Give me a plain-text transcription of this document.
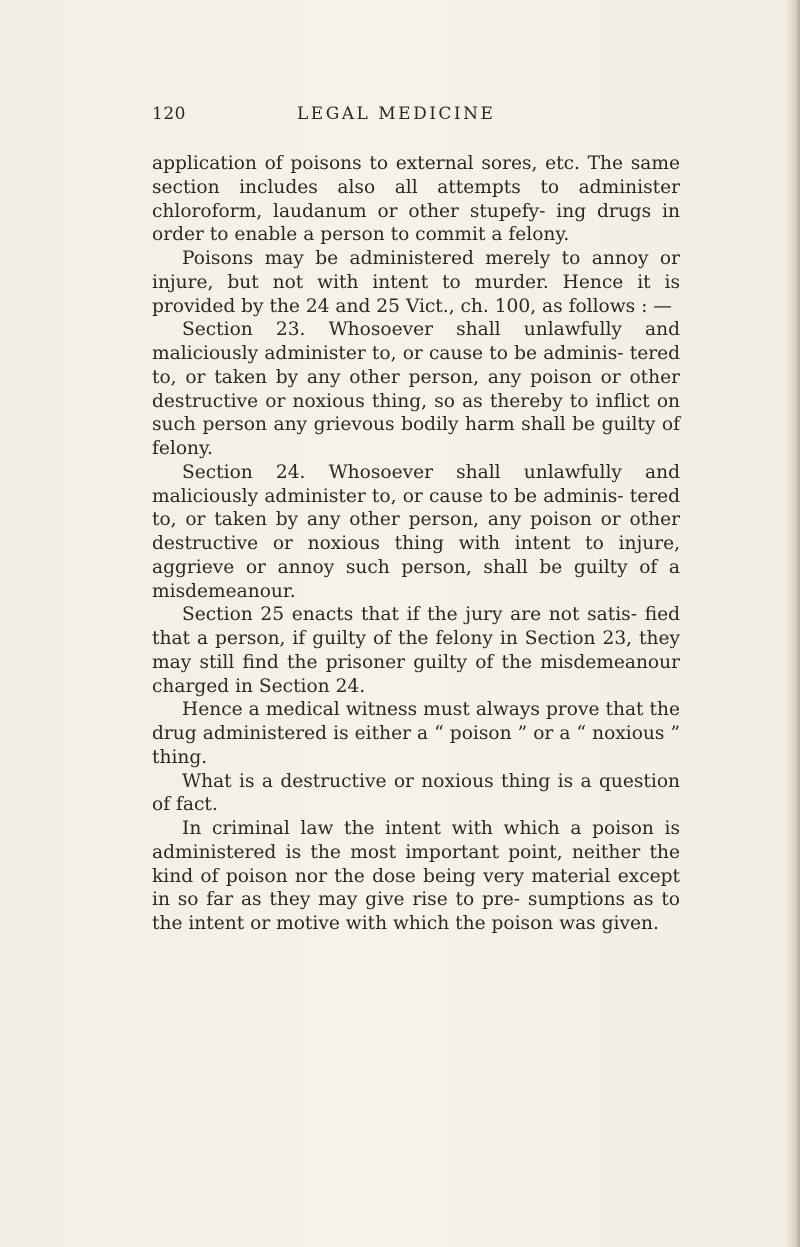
120	LEGAL MEDICINE

application of poisons to external sores, etc. The same section includes also all attempts to administer chloroform, laudanum or other stupefy- ing drugs in order to enable a person to commit a felony.

Poisons may be administered merely to annoy or injure, but not with intent to murder. Hence it is provided by the 24 and 25 Vict., ch. 100, as follows : —

Section 23. Whosoever shall unlawfully and maliciously administer to, or cause to be adminis- tered to, or taken by any other person, any poison or other destructive or noxious thing, so as thereby to inflict on such person any grievous bodily harm shall be guilty of felony.

Section 24. Whosoever shall unlawfully and maliciously administer to, or cause to be adminis- tered to, or taken by any other person, any poison or other destructive or noxious thing with intent to injure, aggrieve or annoy such person, shall be guilty of a misdemeanour.

Section 25 enacts that if the jury are not satis- fied that a person, if guilty of the felony in Section 23, they may still find the prisoner guilty of the misdemeanour charged in Section 24.

Hence a medical witness must always prove that the drug administered is either a “ poison ” or a “ noxious ” thing.

What is a destructive or noxious thing is a question of fact.

In criminal law the intent with which a poison is administered is the most important point, neither the kind of poison nor the dose being very material except in so far as they may give rise to pre- sumptions as to the intent or motive with which the poison was given.
